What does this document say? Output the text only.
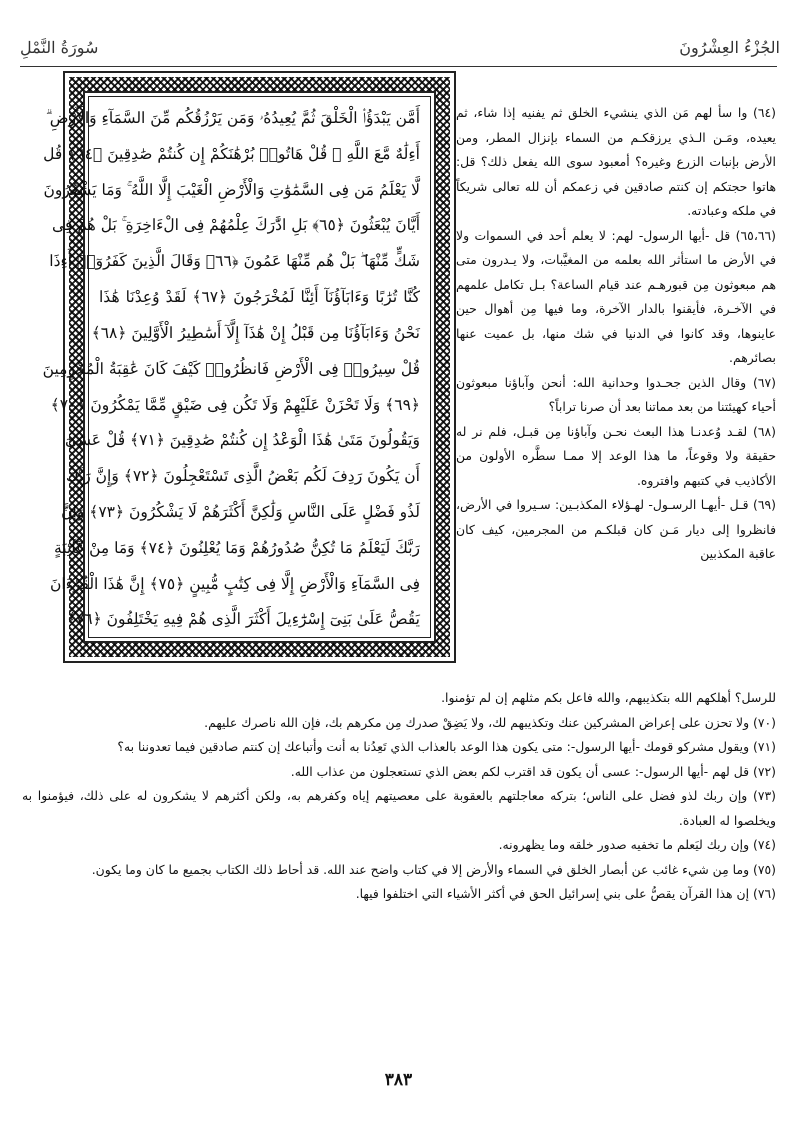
الجُزْءُ العِشْرُونَ
سُورَةُ النَّمْلِ
أَمَّن يَبْدَؤُا۟ الْخَلْقَ ثُمَّ يُعِيدُهُۥ وَمَن يَرْزُقُكُم مِّنَ السَّمَآءِ وَالْأَرْضِ ۗ
أَءِلَٰهٌ مَّعَ اللَّهِ ۚ قُلْ هَاتُوا۟ بُرْهَٰنَكُمْ إِن كُنتُمْ صَٰدِقِينَ ﴿٦٤﴾ قُل
لَّا يَعْلَمُ مَن فِى السَّمَٰوَٰتِ وَالْأَرْضِ الْغَيْبَ إِلَّا اللَّهُ ۚ وَمَا يَشْعُرُونَ
أَيَّانَ يُبْعَثُونَ ﴿٦٥﴾ بَلِ ادَّٰرَكَ عِلْمُهُمْ فِى الْءَاخِرَةِ ۚ بَلْ هُمْ فِى
شَكٍّ مِّنْهَا ۖ بَلْ هُم مِّنْهَا عَمُونَ ﴿٦٦﴾ وَقَالَ الَّذِينَ كَفَرُوٓا۟ أَءِذَا
كُنَّا تُرَٰبًا وَءَابَآؤُنَآ أَئِنَّا لَمُخْرَجُونَ ﴿٦٧﴾ لَقَدْ وُعِدْنَا هَٰذَا
نَحْنُ وَءَابَآؤُنَا مِن قَبْلُ إِنْ هَٰذَآ إِلَّآ أَسَٰطِيرُ الْأَوَّلِينَ ﴿٦٨﴾
قُلْ سِيرُوا۟ فِى الْأَرْضِ فَانظُرُوا۟ كَيْفَ كَانَ عَٰقِبَةُ الْمُجْرِمِينَ
﴿٦٩﴾ وَلَا تَحْزَنْ عَلَيْهِمْ وَلَا تَكُن فِى ضَيْقٍ مِّمَّا يَمْكُرُونَ ﴿٧٠﴾
وَيَقُولُونَ مَتَىٰ هَٰذَا الْوَعْدُ إِن كُنتُمْ صَٰدِقِينَ ﴿٧١﴾ قُلْ عَسَىٰٓ
أَن يَكُونَ رَدِفَ لَكُم بَعْضُ الَّذِى تَسْتَعْجِلُونَ ﴿٧٢﴾ وَإِنَّ رَبَّكَ
لَذُو فَضْلٍ عَلَى النَّاسِ وَلَٰكِنَّ أَكْثَرَهُمْ لَا يَشْكُرُونَ ﴿٧٣﴾ وَإِنَّ
رَبَّكَ لَيَعْلَمُ مَا تُكِنُّ صُدُورُهُمْ وَمَا يُعْلِنُونَ ﴿٧٤﴾ وَمَا مِنْ غَآئِبَةٍ
فِى السَّمَآءِ وَالْأَرْضِ إِلَّا فِى كِتَٰبٍ مُّبِينٍ ﴿٧٥﴾ إِنَّ هَٰذَا الْقُرْءَانَ
يَقُصُّ عَلَىٰ بَنِىٓ إِسْرَٰٓءِيلَ أَكْثَرَ الَّذِى هُمْ فِيهِ يَخْتَلِفُونَ ﴿٧٦﴾

(٦٤) وا سأ لهم مَن الذي ينشيء الخلق ثم يفنيه إذا شاء، ثم يعيده، ومَـن الـذي يرزقكـم من السماء بإنزال المطر، ومن الأرض بإنبات الزرع وغيره؟ أمعبود سوى الله يفعل ذلك؟ قل: هاتوا حجتكم إن كنتم صادقين في زعمكم أن لله تعالى شريكاً في ملكه وعبادته.

(٦٥،٦٦) قل -أيها الرسول- لهم: لا يعلم أحد في السموات ولا في الأرض ما استأثر الله بعلمه من المغيَّبات، ولا يـدرون متى هم مبعوثون مِن قبورهـم عند قيام الساعة؟ بـل تكامل علمهم في الآخـرة، فأيقنوا بالدار الآخرة، وما فيها مِن أهوال حين عاينوها، وقد كانوا في الدنيا في شك منها، بل عميت عنها بصائرهم.

(٦٧) وقال الذين جحـدوا وحدانية الله: أنحن وآباؤنا مبعوثون أحياء كهيئتنا من بعد مماتنا بعد أن صرنا تراباً؟

(٦٨) لقـد وُعدنـا هذا البعث نحـن وآباؤنا مِن قبـل، فلم نر له حقيقة ولا وقوعاً، ما هذا الوعد إلا ممـا سطَّره الأولون من الأكاذيب في كتبهم وافتروه.

(٦٩) قـل -أيهـا الرسـول- لهـؤلاء المكذبـين: سـيروا في الأرض، فانظروا إلى ديار مَـن كان قبلكـم من المجرمين، كيف كان عاقبة المكذبين

للرسل؟ أهلكهم الله بتكذيبهم، والله فاعل بكم مثلهم إن لم تؤمنوا.

(٧٠) ولا تحزن على إعراض المشركين عنك وتكذيبهم لك، ولا يَضِقْ صدرك مِن مكرهم بك، فإن الله ناصرك عليهم.

(٧١) ويقول مشركو قومك -أيها الرسول-: متى يكون هذا الوعد بالعذاب الذي تَعِدُنا به أنت وأتباعك إن كنتم صادقين فيما تعدوننا به؟

(٧٢) قل لهم -أيها الرسول-: عسى أن يكون قد اقترب لكم بعض الذي تستعجلون من عذاب الله.

(٧٣) وإن ربك لذو فضل على الناس؛ بتركه معاجلتهم بالعقوبة على معصيتهم إياه وكفرهم به، ولكن أكثرهم لا يشكرون له على ذلك، فيؤمنوا به ويخلصوا له العبادة.

(٧٤) وإن ربك ليَعلم ما تخفيه صدور خلقه وما يظهرونه.

(٧٥) وما مِن شيء غائب عن أبصار الخلق في السماء والأرض إلا في كتاب واضح عند الله. قد أحاط ذلك الكتاب بجميع ما كان وما يكون.

(٧٦) إن هذا القرآن يقصُّ على بني إسرائيل الحق في أكثر الأشياء التي اختلفوا فيها.

٣٨٣
